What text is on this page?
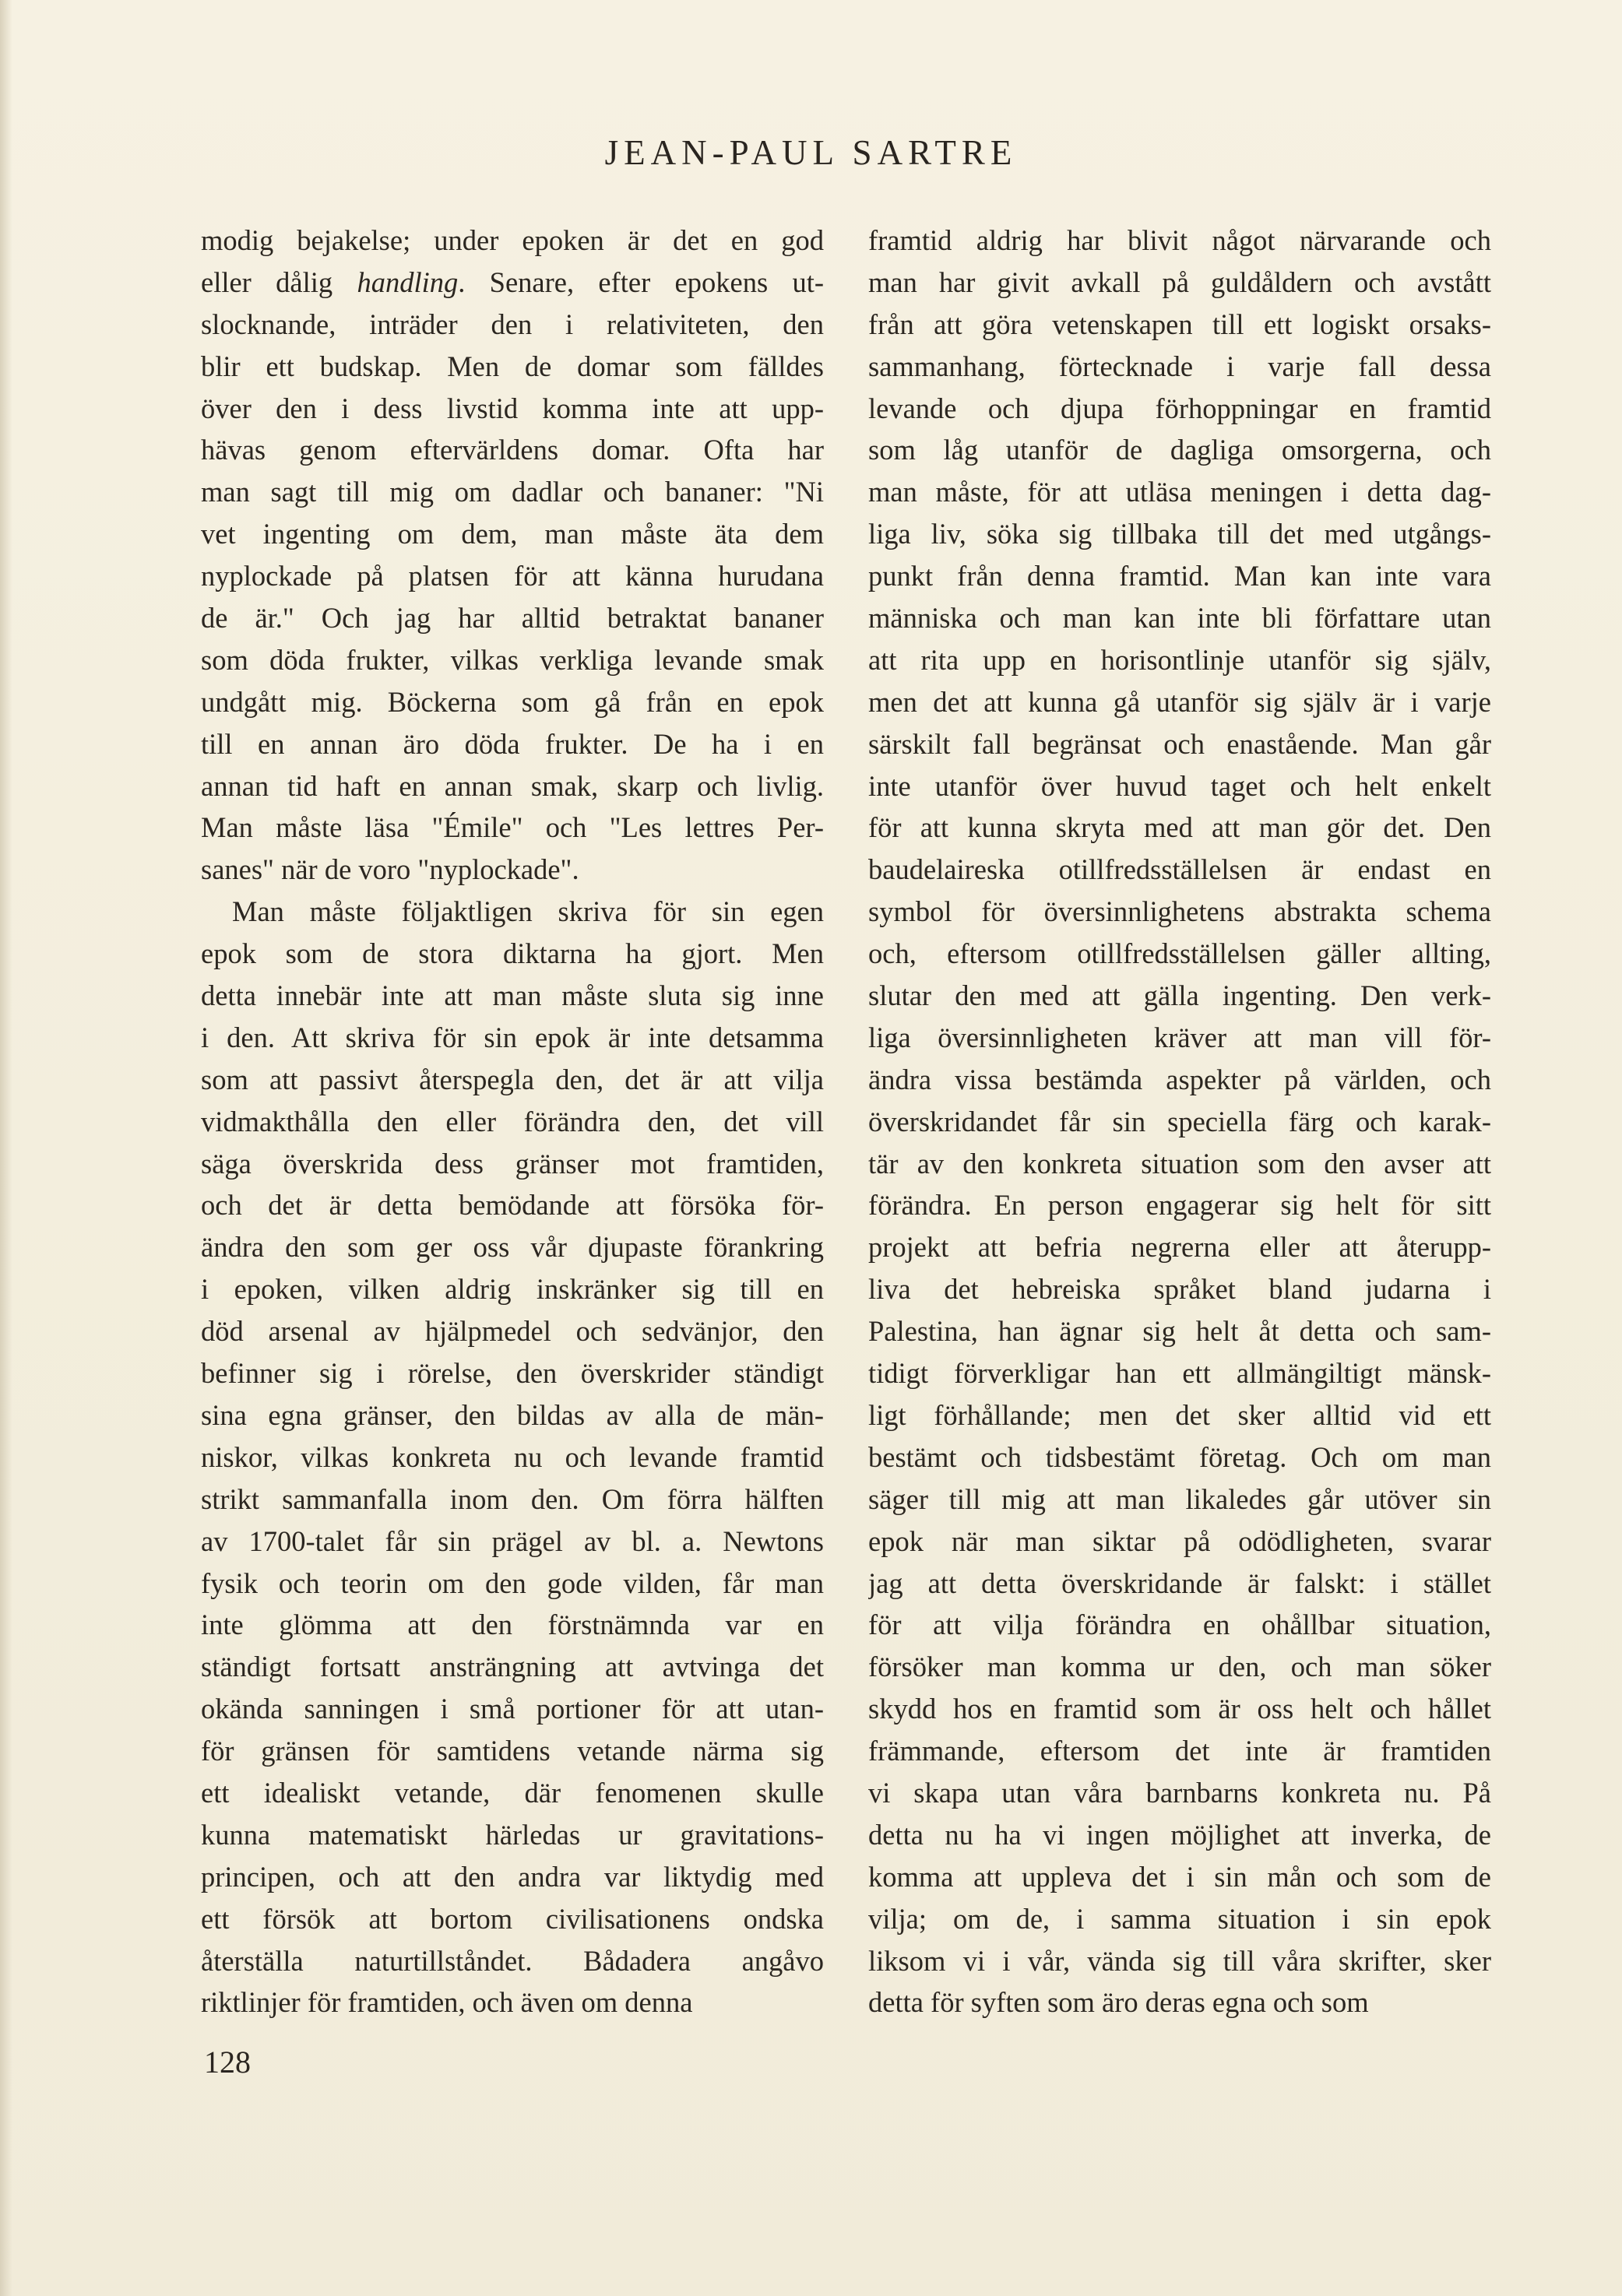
JEAN-PAUL SARTRE
modig bejakelse; under epoken är det en god
eller dålig handling. Senare, efter epokens ut-
slocknande, inträder den i relativiteten, den
blir ett budskap. Men de domar som fälldes
över den i dess livstid komma inte att upp-
hävas genom eftervärldens domar. Ofta har
man sagt till mig om dadlar och bananer: "Ni
vet ingenting om dem, man måste äta dem
nyplockade på platsen för att känna hurudana
de är." Och jag har alltid betraktat bananer
som döda frukter, vilkas verkliga levande smak
undgått mig. Böckerna som gå från en epok
till en annan äro döda frukter. De ha i en
annan tid haft en annan smak, skarp och livlig.
Man måste läsa "Émile" och "Les lettres Per-
sanes" när de voro "nyplockade".
Man måste följaktligen skriva för sin egen
epok som de stora diktarna ha gjort. Men
detta innebär inte att man måste sluta sig inne
i den. Att skriva för sin epok är inte detsamma
som att passivt återspegla den, det är att vilja
vidmakthålla den eller förändra den, det vill
säga överskrida dess gränser mot framtiden,
och det är detta bemödande att försöka för-
ändra den som ger oss vår djupaste förankring
i epoken, vilken aldrig inskränker sig till en
död arsenal av hjälpmedel och sedvänjor, den
befinner sig i rörelse, den överskrider ständigt
sina egna gränser, den bildas av alla de män-
niskor, vilkas konkreta nu och levande framtid
strikt sammanfalla inom den. Om förra hälften
av 1700-talet får sin prägel av bl. a. Newtons
fysik och teorin om den gode vilden, får man
inte glömma att den förstnämnda var en
ständigt fortsatt ansträngning att avtvinga det
okända sanningen i små portioner för att utan-
för gränsen för samtidens vetande närma sig
ett idealiskt vetande, där fenomenen skulle
kunna matematiskt härledas ur gravitations-
principen, och att den andra var liktydig med
ett försök att bortom civilisationens ondska
återställa naturtillståndet. Bådadera angåvo
riktlinjer för framtiden, och även om denna
framtid aldrig har blivit något närvarande och
man har givit avkall på guldåldern och avstått
från att göra vetenskapen till ett logiskt orsaks-
sammanhang, förtecknade i varje fall dessa
levande och djupa förhoppningar en framtid
som låg utanför de dagliga omsorgerna, och
man måste, för att utläsa meningen i detta dag-
liga liv, söka sig tillbaka till det med utgångs-
punkt från denna framtid. Man kan inte vara
människa och man kan inte bli författare utan
att rita upp en horisontlinje utanför sig själv,
men det att kunna gå utanför sig själv är i varje
särskilt fall begränsat och enastående. Man går
inte utanför över huvud taget och helt enkelt
för att kunna skryta med att man gör det. Den
baudelaireska otillfredsställelsen är endast en
symbol för översinnlighetens abstrakta schema
och, eftersom otillfredsställelsen gäller allting,
slutar den med att gälla ingenting. Den verk-
liga översinnligheten kräver att man vill för-
ändra vissa bestämda aspekter på världen, och
överskridandet får sin speciella färg och karak-
tär av den konkreta situation som den avser att
förändra. En person engagerar sig helt för sitt
projekt att befria negrerna eller att återupp-
liva det hebreiska språket bland judarna i
Palestina, han ägnar sig helt åt detta och sam-
tidigt förverkligar han ett allmängiltigt mänsk-
ligt förhållande; men det sker alltid vid ett
bestämt och tidsbestämt företag. Och om man
säger till mig att man likaledes går utöver sin
epok när man siktar på odödligheten, svarar
jag att detta överskridande är falskt: i stället
för att vilja förändra en ohållbar situation,
försöker man komma ur den, och man söker
skydd hos en framtid som är oss helt och hållet
främmande, eftersom det inte är framtiden
vi skapa utan våra barnbarns konkreta nu. På
detta nu ha vi ingen möjlighet att inverka, de
komma att uppleva det i sin mån och som de
vilja; om de, i samma situation i sin epok
liksom vi i vår, vända sig till våra skrifter, sker
detta för syften som äro deras egna och som
128
